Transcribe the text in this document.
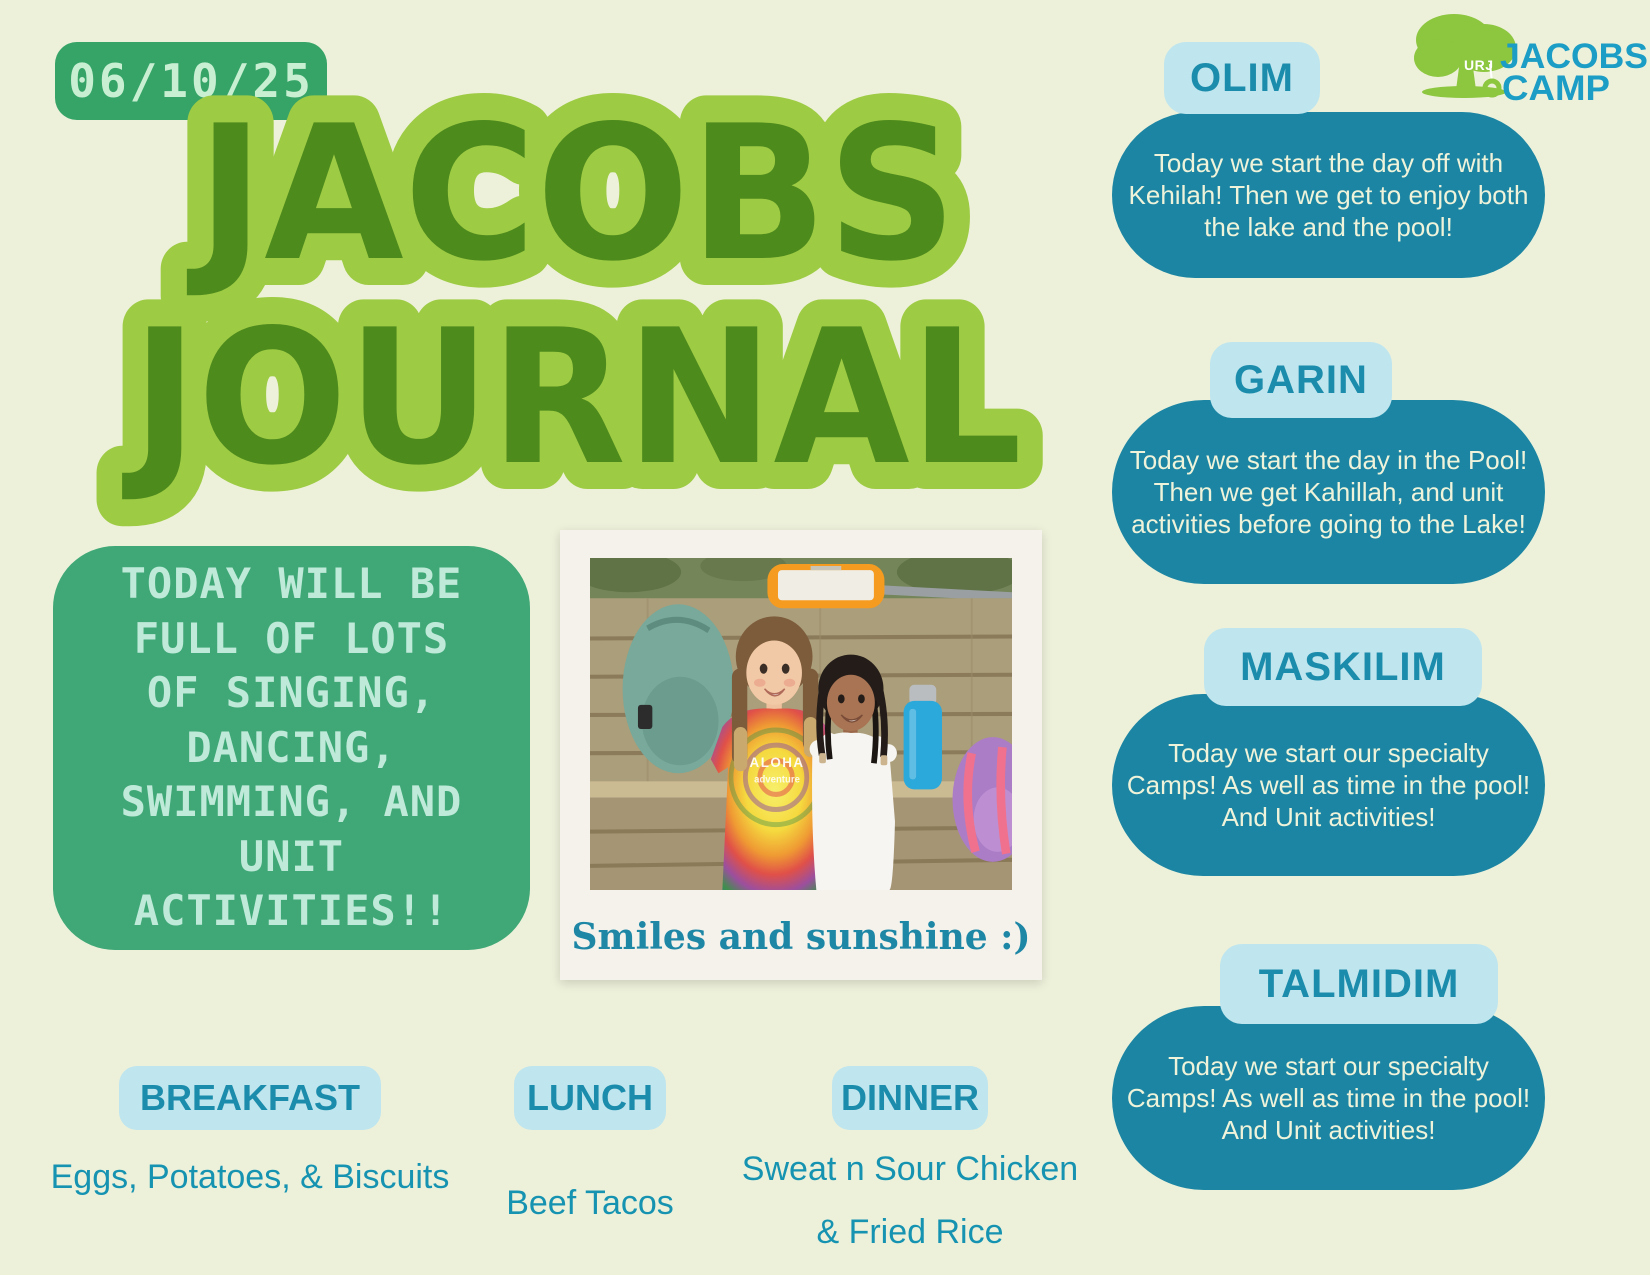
06/10/25
JACOBS
JOURNAL
URJ JACOBS
CAMP

TODAY WILL BE FULL OF LOTS OF SINGING, DANCING, SWIMMING, AND UNIT ACTIVITIES!!

ALOHA
adventure
Smiles and sunshine :)
OLIM

Today we start the day off with Kehilah! Then we get to enjoy both the lake and the pool!

GARIN

Today we start the day in the Pool! Then we get Kahillah, and unit activities before going to the Lake!

MASKILIM

Today we start our specialty Camps! As well as time in the pool! And Unit activities!

TALMIDIM

Today we start our specialty Camps! As well as time in the pool! And Unit activities!

BREAKFAST
Eggs, Potatoes, & Biscuits
LUNCH
Beef Tacos
DINNER
Sweat n Sour Chicken & Fried Rice
